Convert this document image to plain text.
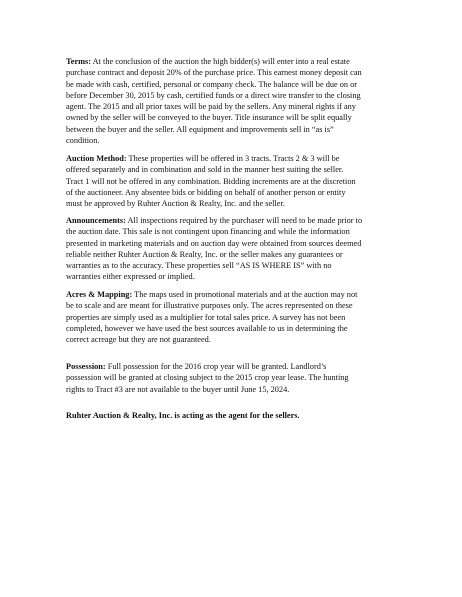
Terms: At the conclusion of the auction the high bidder(s) will enter into a real estate
purchase contract and deposit 20% of the purchase price. This earnest money deposit can
be made with cash, certified, personal or company check. The balance will be due on or
before December 30, 2015 by cash, certified funds or a direct wire transfer to the closing
agent. The 2015 and all prior taxes will be paid by the sellers. Any mineral rights if any
owned by the seller will be conveyed to the buyer. Title insurance will be split equally
between the buyer and the seller. All equipment and improvements sell in “as is”
condition.

Auction Method: These properties will be offered in 3 tracts. Tracts 2 & 3 will be
offered separately and in combination and sold in the manner best suiting the seller.
Tract 1 will not be offered in any combination. Bidding increments are at the discretion
of the auctioneer. Any absentee bids or bidding on behalf of another person or entity
must be approved by Ruhter Auction & Realty, Inc. and the seller.

Announcements: All inspections required by the purchaser will need to be made prior to
the auction date. This sale is not contingent upon financing and while the information
presented in marketing materials and on auction day were obtained from sources deemed
reliable neither Ruhter Auction & Realty, Inc. or the seller makes any guarantees or
warranties as to the accuracy. These properties sell “AS IS WHERE IS” with no
warranties either expressed or implied.

Acres & Mapping: The maps used in promotional materials and at the auction may not
be to scale and are meant for illustrative purposes only. The acres represented on these
properties are simply used as a multiplier for total sales price. A survey has not been
completed, however we have used the best sources available to us in determining the
correct acreage but they are not guaranteed.

Possession: Full possession for the 2016 crop year will be granted. Landlord’s
possession will be granted at closing subject to the 2015 crop year lease. The hunting
rights to Tract #3 are not available to the buyer until June 15, 2024.

Ruhter Auction & Realty, Inc. is acting as the agent for the sellers.
